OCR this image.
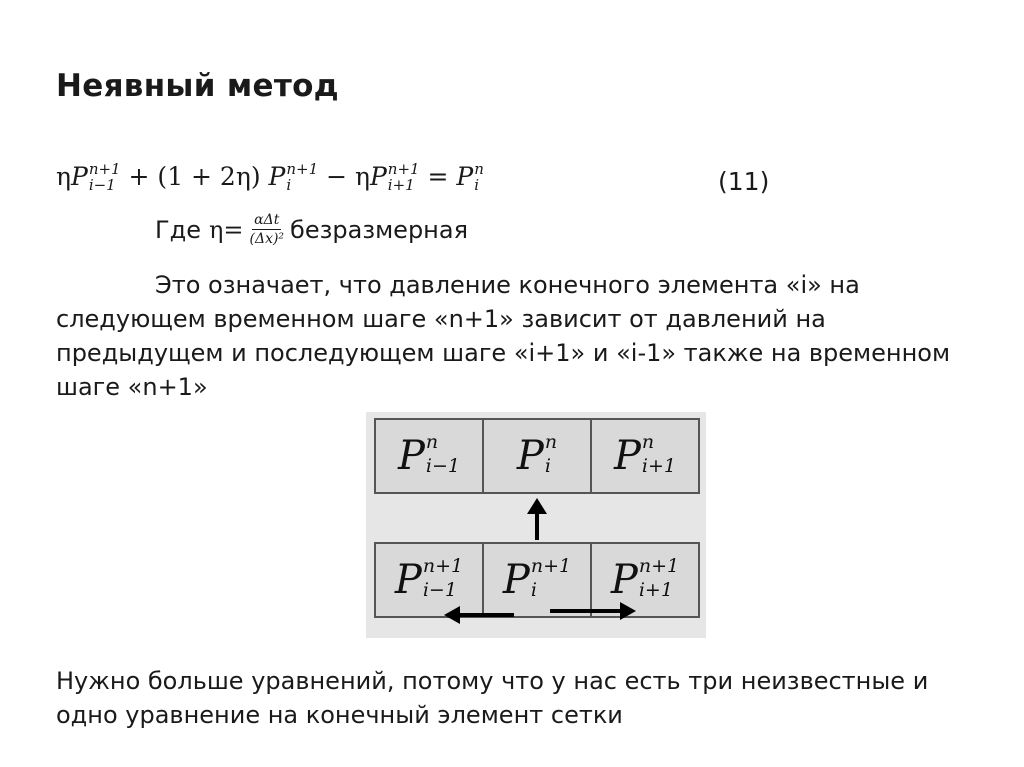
Неявный метод
ηP n+1
i−1 + (1 + 2η) P n+1
i	− ηP n+1
i+1 = P n
i	(11)
Где $\eta= \frac{\text{αΔt}}{\text{(Δx)²}}$ безразмерная

Это означает, что давление конечного элемента «i» на следующем временном шаге «n+1» зависит от давлений на предыдущем и последующем шаге «i+1» и «i-1» также на временном шаге «n+1»

P n
i−1 P n
i P n
i+1
P n+1
i−1 P n+1
i	P n+1
i+1

Нужно больше уравнений, потому что у нас есть три неизвестные и одно уравнение на конечный элемент сетки
